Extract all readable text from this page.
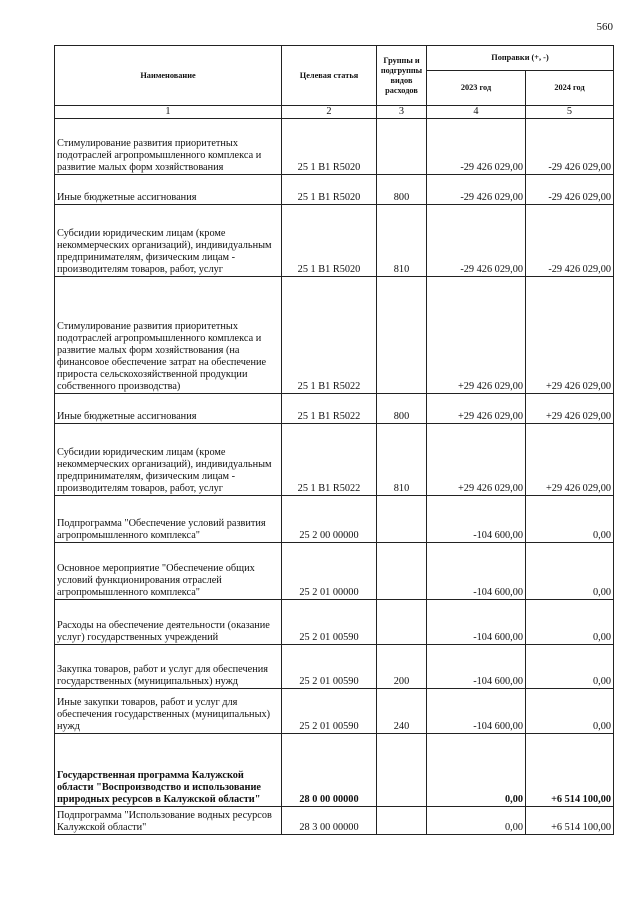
560
Наименование	Целевая статья	Группы и подгруппы видов расходов	Поправки (+, -)	
			2023 год	2024 год
1	2	3	4	5
Стимулирование развития приоритетных подотраслей агропромышленного комплекса и развитие малых форм хозяйствования	25 1 В1 R5020		-29 426 029,00	-29 426 029,00
Иные бюджетные ассигнования	25 1 В1 R5020	800	-29 426 029,00	-29 426 029,00
Субсидии юридическим лицам (кроме некоммерческих организаций), индивидуальным предпринимателям, физическим лицам - производителям товаров, работ, услуг	25 1 В1 R5020	810	-29 426 029,00	-29 426 029,00
Стимулирование развития приоритетных подотраслей агропромышленного комплекса и развитие малых форм хозяйствования (на финансовое обеспечение затрат на обеспечение прироста сельскохозяйственной продукции собственного производства)	25 1 В1 R5022		+29 426 029,00	+29 426 029,00
Иные бюджетные ассигнования	25 1 В1 R5022	800	+29 426 029,00	+29 426 029,00
Субсидии юридическим лицам (кроме некоммерческих организаций), индивидуальным предпринимателям, физическим лицам - производителям товаров, работ, услуг	25 1 В1 R5022	810	+29 426 029,00	+29 426 029,00
Подпрограмма "Обеспечение условий развития агропромышленного комплекса"	25 2 00 00000		-104 600,00	0,00
Основное мероприятие "Обеспечение общих условий функционирования отраслей агропромышленного комплекса"	25 2 01 00000		-104 600,00	0,00
Расходы на обеспечение деятельности (оказание услуг) государственных учреждений	25 2 01 00590		-104 600,00	0,00
Закупка товаров, работ и услуг для обеспечения государственных (муниципальных) нужд	25 2 01 00590	200	-104 600,00	0,00
Иные закупки товаров, работ и услуг для обеспечения государственных (муниципальных) нужд	25 2 01 00590	240	-104 600,00	0,00
Государственная программа Калужской области "Воспроизводство и использование природных ресурсов в Калужской области"	28 0 00 00000		0,00	+6 514 100,00
Подпрограмма "Использование водных ресурсов Калужской области"	28 3 00 00000		0,00	+6 514 100,00
